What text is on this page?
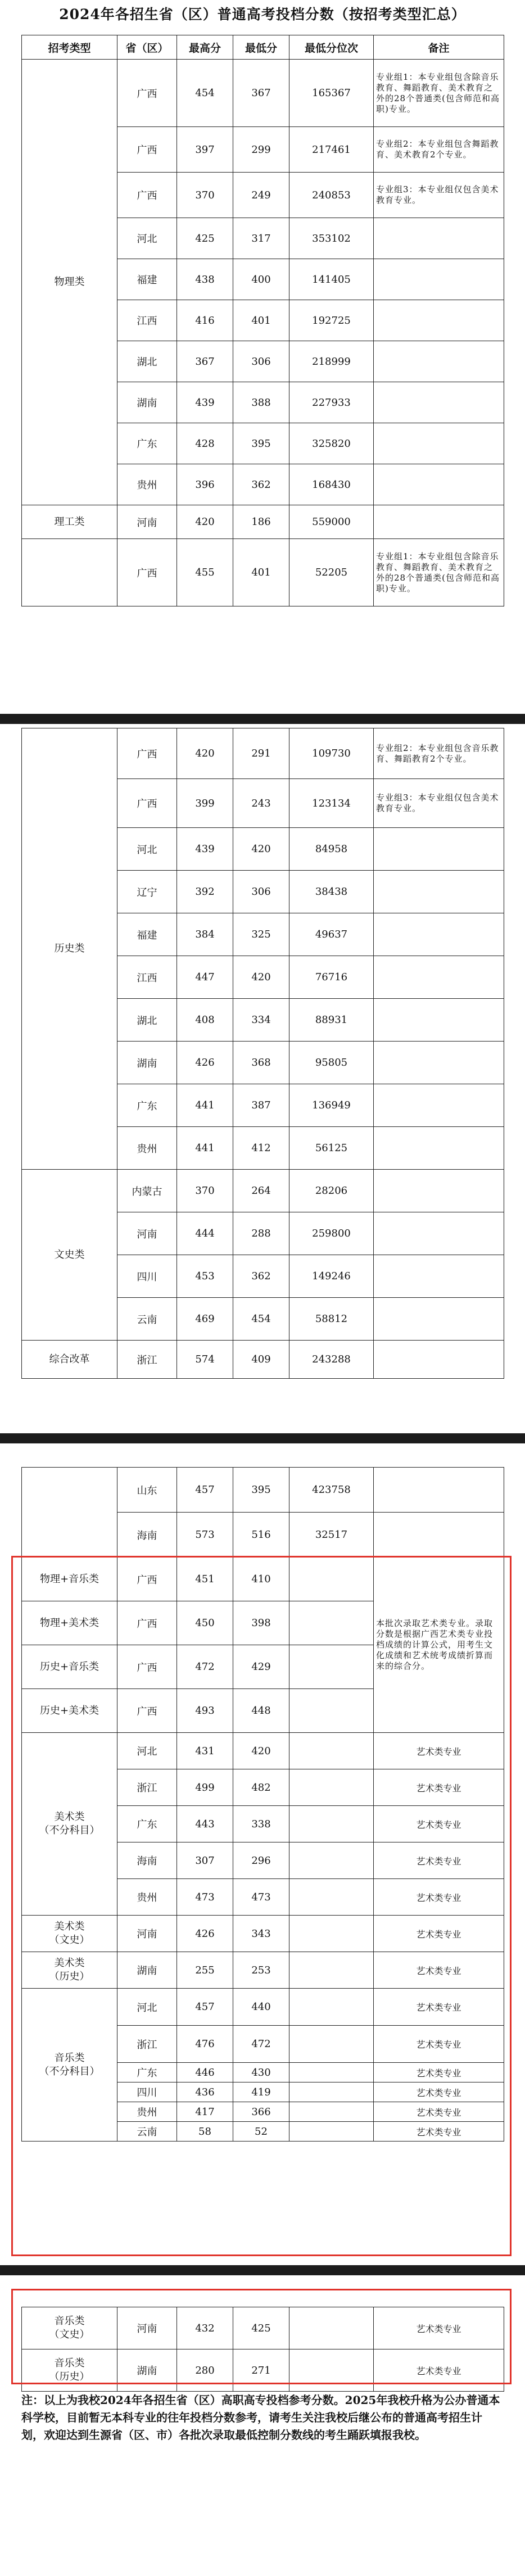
2024年各招生省（区）普通高考投档分数（按招考类型汇总）
招考类型	省（区）	最高分	最低分	最低分位次	备注
物理类	广西	454	367	165367	专业组1：本专业组包含除音乐教育、舞蹈教育、美术教育之外的28个普通类(包含师范和高职)专业。
	广西	397	299	217461	专业组2：本专业组包含舞蹈教育、美术教育2个专业。
	广西	370	249	240853	专业组3：本专业组仅包含美术教育专业。
	河北	425	317	353102	
	福建	438	400	141405	
	江西	416	401	192725	
	湖北	367	306	218999	
	湖南	439	388	227933	
	广东	428	395	325820	
	贵州	396	362	168430	
理工类	河南	420	186	559000	
	广西	455	401	52205	专业组1：本专业组包含除音乐教育、舞蹈教育、美术教育之外的28个普通类(包含师范和高职)专业。
历史类	广西	420	291	109730	专业组2：本专业组包含音乐教育、舞蹈教育2个专业。
	广西	399	243	123134	专业组3：本专业组仅包含美术教育专业。
	河北	439	420	84958	
	辽宁	392	306	38438	
	福建	384	325	49637	
	江西	447	420	76716	
	湖北	408	334	88931	
	湖南	426	368	95805	
	广东	441	387	136949	
	贵州	441	412	56125	
文史类	内蒙古	370	264	28206	
	河南	444	288	259800	
	四川	453	362	149246	
	云南	469	454	58812	
综合改革	浙江	574	409	243288	
	山东	457	395	423758	
	海南	573	516	32517	
物理+音乐类	广西	451	410		本批次录取艺术类专业。录取分数是根据广西艺术类专业投档成绩的计算公式，用考生文化成绩和艺术统考成绩折算而来的综合分。
物理+美术类	广西	450	398		
历史+音乐类	广西	472	429		
历史+美术类	广西	493	448		
美术类
（不分科目）	河北	431	420		艺术类专业
	浙江	499	482		艺术类专业
	广东	443	338		艺术类专业
	海南	307	296		艺术类专业
	贵州	473	473		艺术类专业
美术类
（文史）	河南	426	343		艺术类专业
美术类
（历史）	湖南	255	253		艺术类专业
音乐类
（不分科目）	河北	457	440		艺术类专业
	浙江	476	472		艺术类专业
	广东	446	430		艺术类专业
	四川	436	419		艺术类专业
	贵州	417	366		艺术类专业
	云南	58	52		艺术类专业
音乐类
（文史）	河南	432	425		艺术类专业
音乐类
（历史）	湖南	280	271		艺术类专业
注：以上为我校2024年各招生省（区）高职高专投档参考分数。2025年我校升格为公办普通本科学校，目前暂无本科专业的往年投档分数参考，请考生关注我校后继公布的普通高考招生计划，欢迎达到生源省（区、市）各批次录取最低控制分数线的考生踊跃填报我校。
